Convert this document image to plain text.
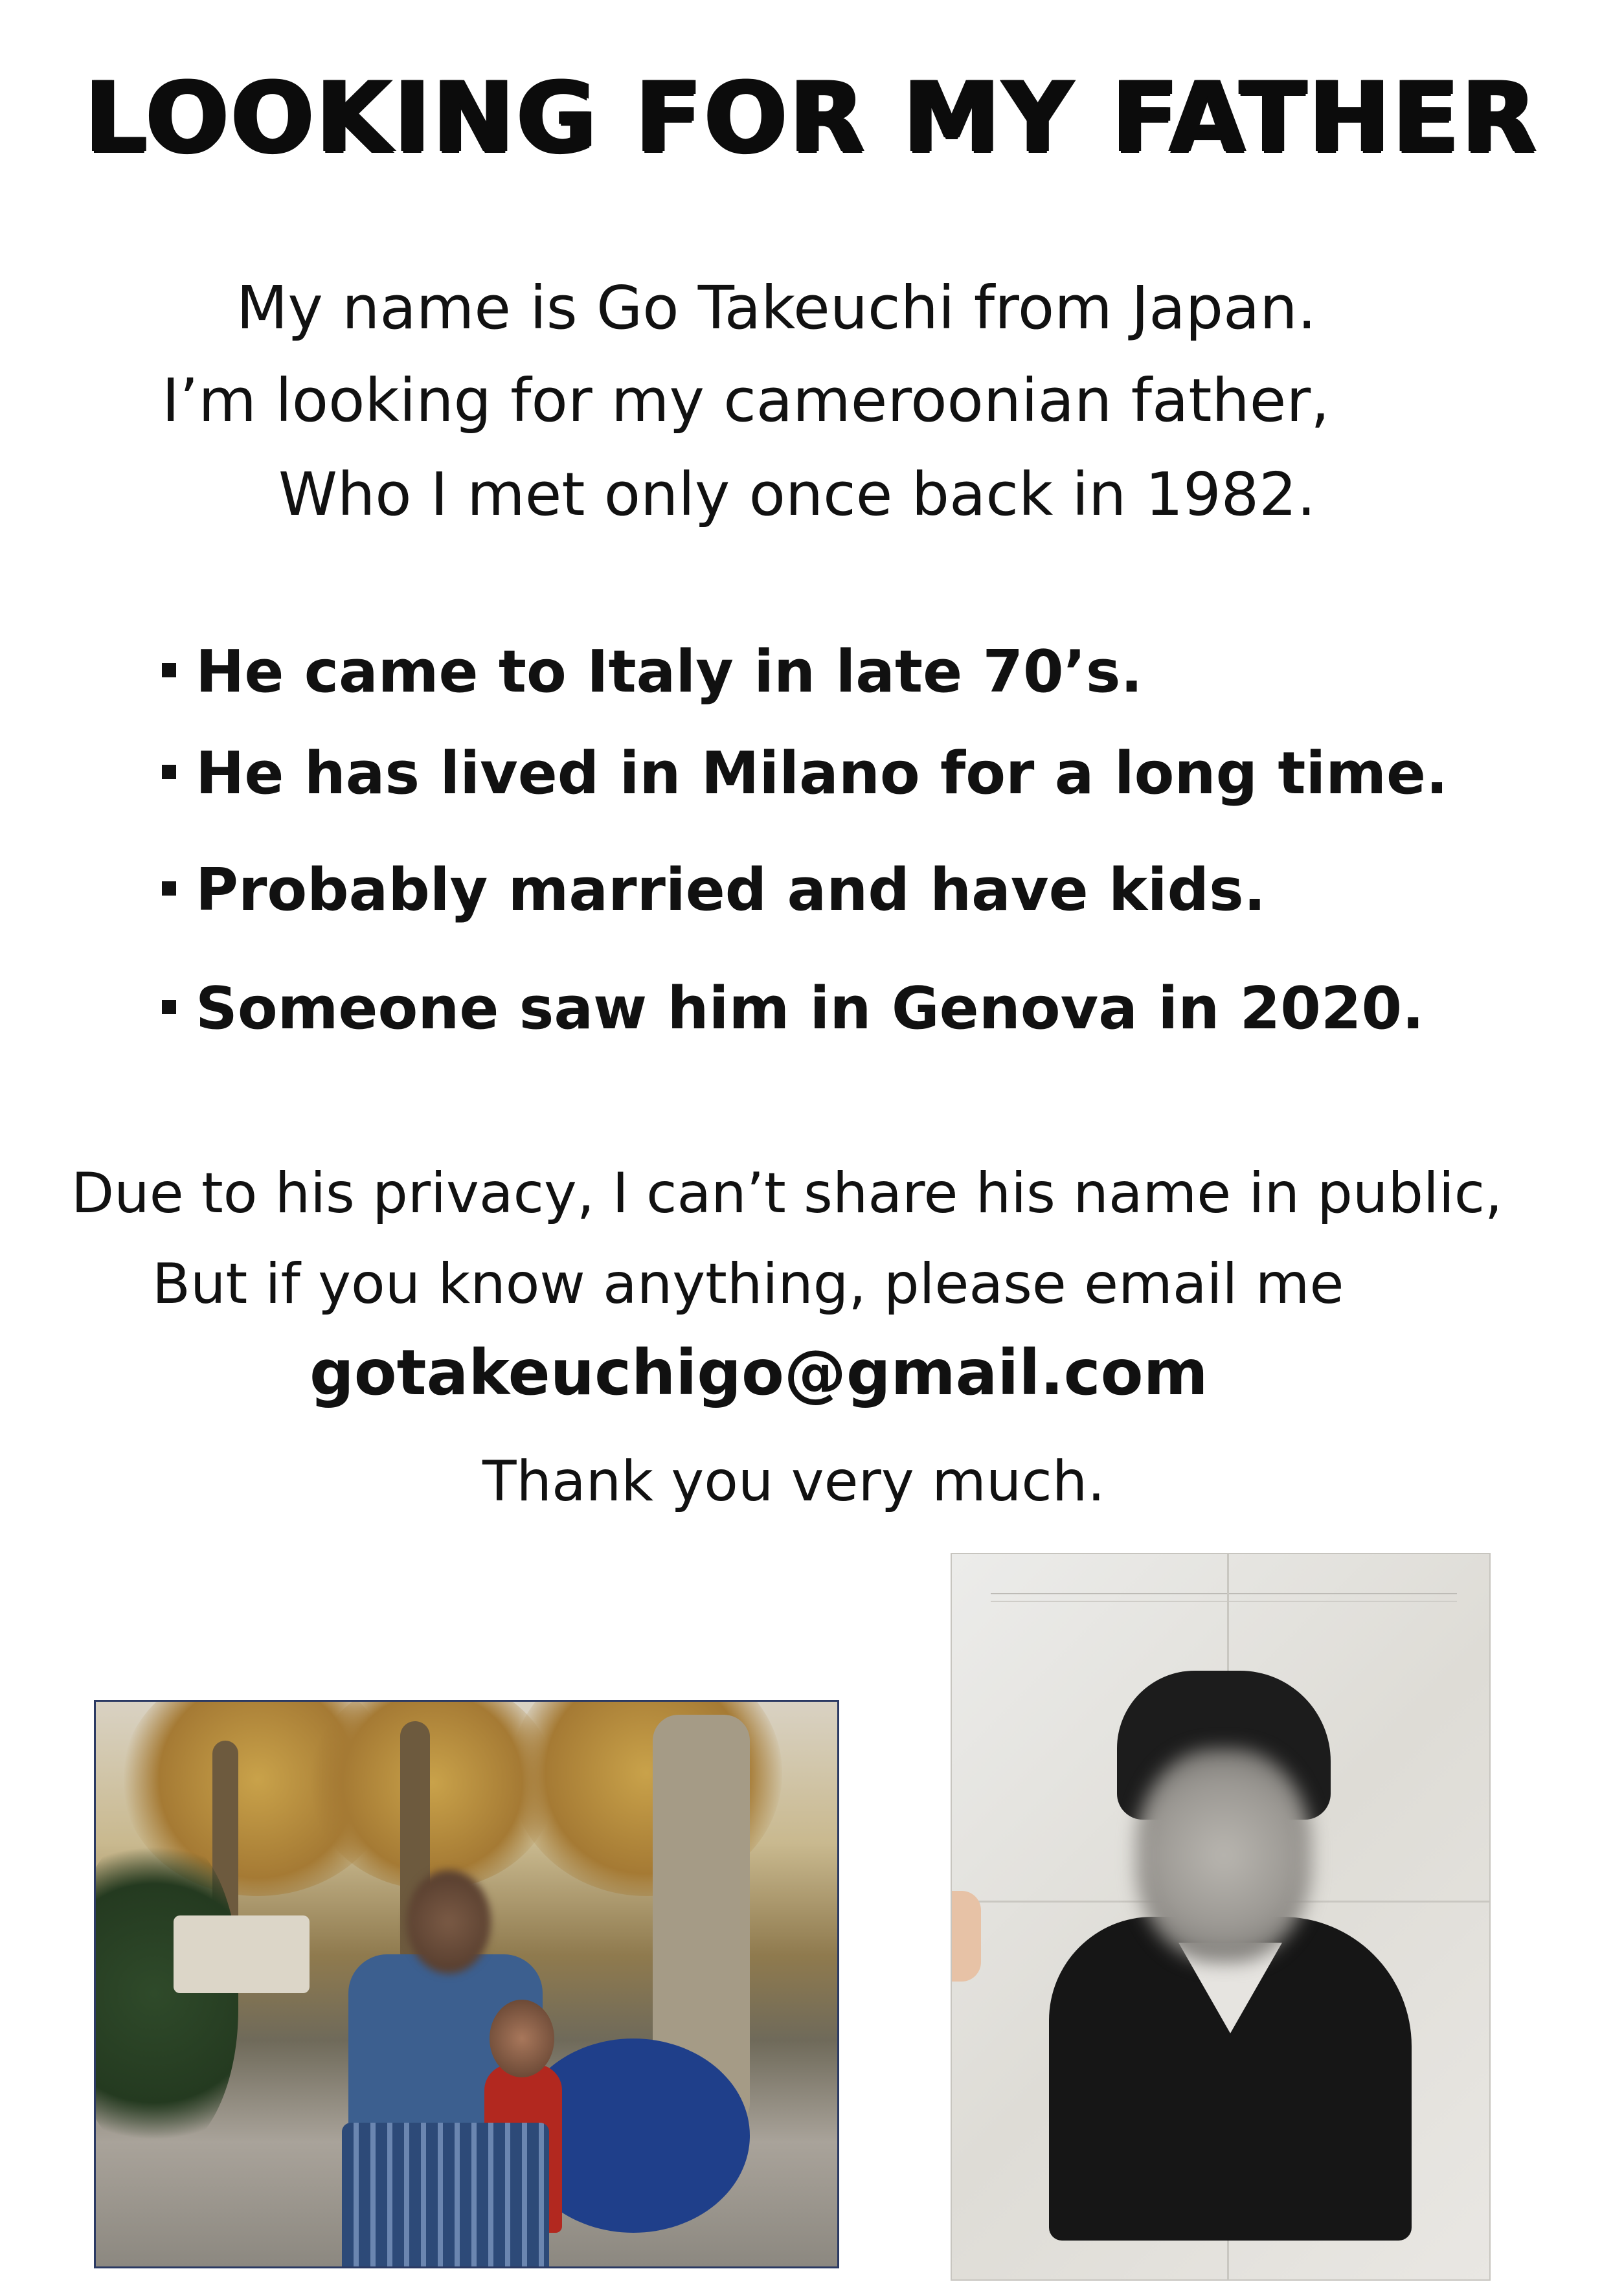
LOOKING FOR MY FATHER
My name is Go Takeuchi from Japan.
I’m looking for my cameroonian father,
Who I met only once back in 1982.
He came to Italy in late 70’s.
He has lived in Milano for a long time.
Probably married and have kids.
Someone saw him in Genova in 2020.
Due to his privacy, I can’t share his name in public,
But if you know anything, please email me
gotakeuchigo@gmail.com
Thank you very much.
